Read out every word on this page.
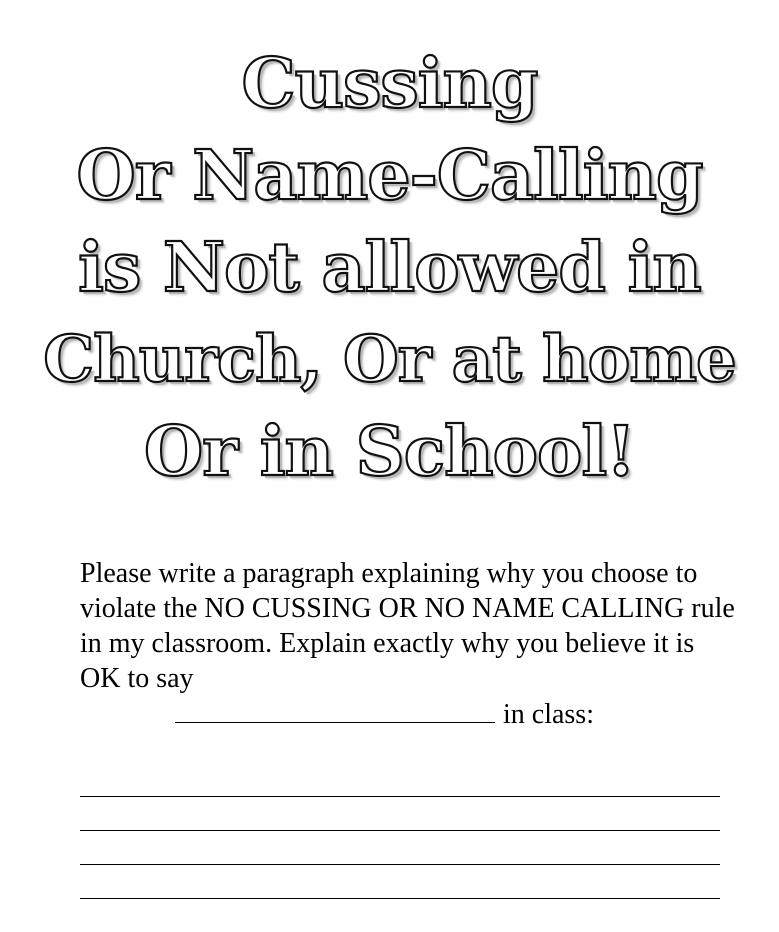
Cussing
Or Name-Calling
is Not allowed in
Church, Or at home
Or in School!

Please write a paragraph explaining why you choose to violate the NO CUSSING OR NO NAME CALLING rule in my classroom. Explain exactly why you believe it is OK to say

in class:
